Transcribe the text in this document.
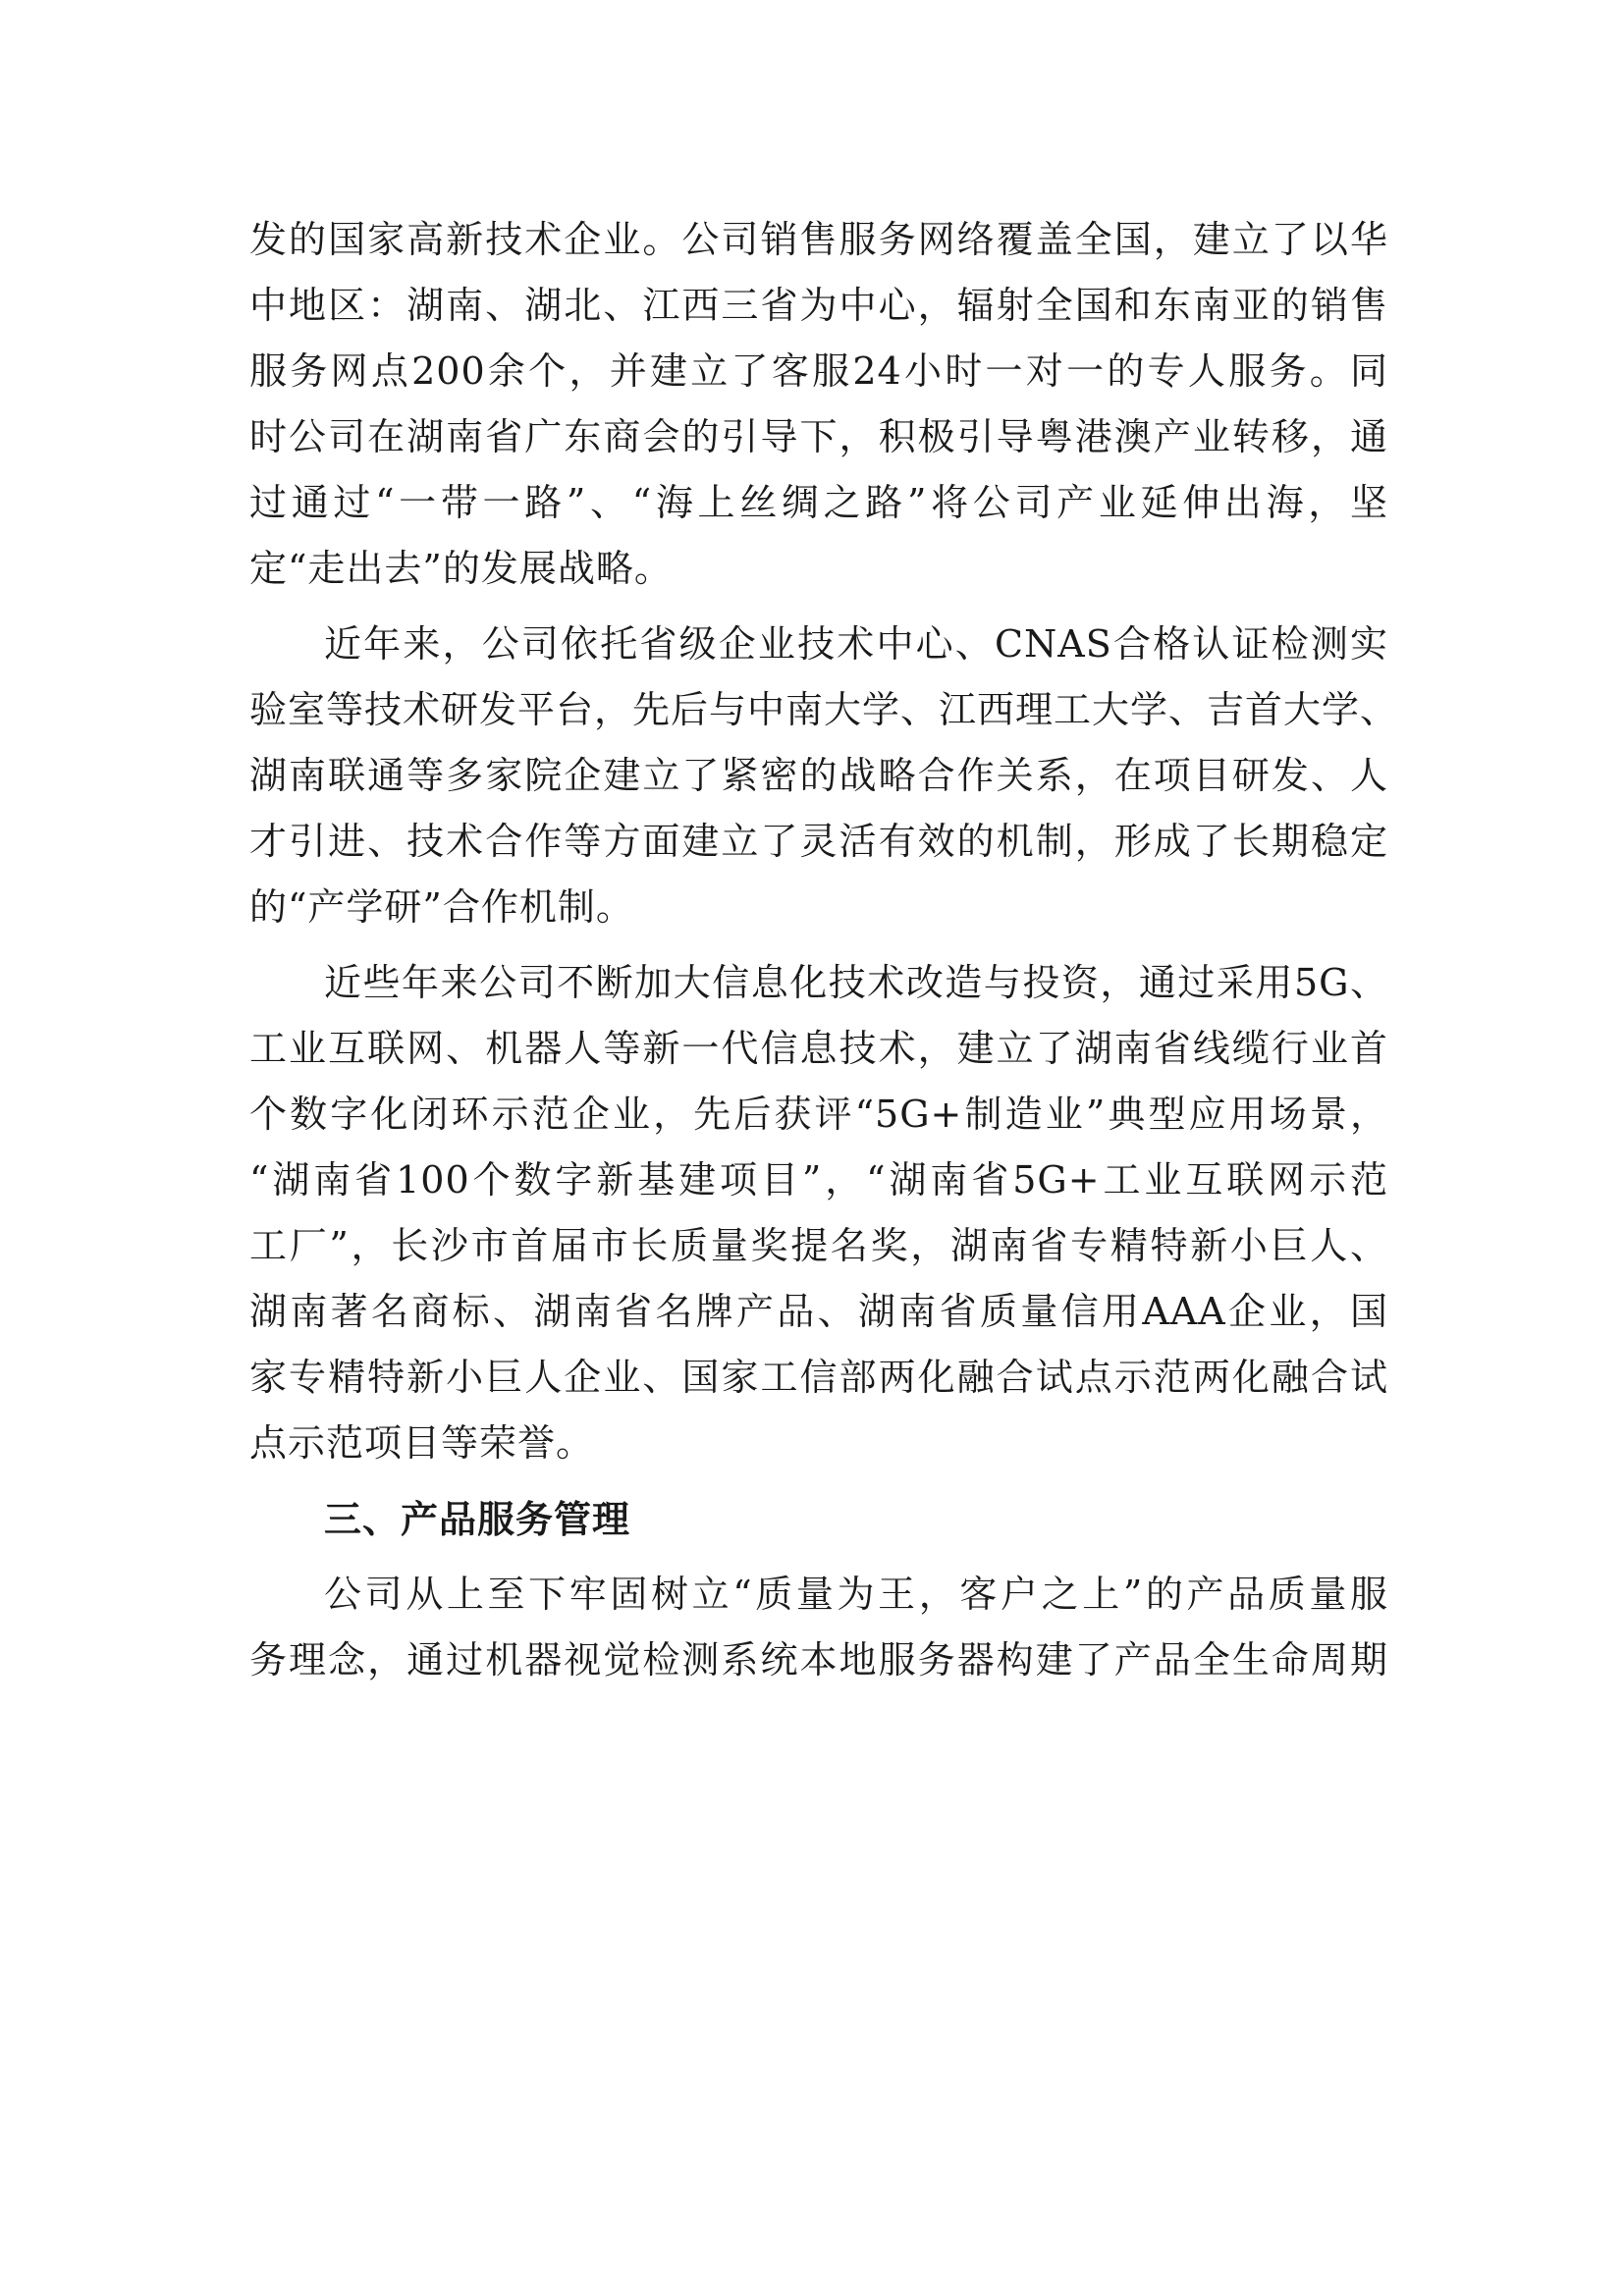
发的国家高新技术企业。公司销售服务网络覆盖全国，建立了以华
中地区：湖南、湖北、江西三省为中心，辐射全国和东南亚的销售
服务网点200余个，并建立了客服24小时一对一的专人服务。同
时公司在湖南省广东商会的引导下，积极引导粤港澳产业转移，通
过通过“一带一路”、“海上丝绸之路”将公司产业延伸出海，坚
定“走出去”的发展战略。
近年来，公司依托省级企业技术中心、CNAS合格认证检测实
验室等技术研发平台，先后与中南大学、江西理工大学、吉首大学、
湖南联通等多家院企建立了紧密的战略合作关系，在项目研发、人
才引进、技术合作等方面建立了灵活有效的机制，形成了长期稳定
的“产学研”合作机制。
近些年来公司不断加大信息化技术改造与投资，通过采用5G、
工业互联网、机器人等新一代信息技术，建立了湖南省线缆行业首
个数字化闭环示范企业，先后获评“5G+制造业”典型应用场景，
“湖南省100个数字新基建项目”，“湖南省5G+工业互联网示范
工厂”，长沙市首届市长质量奖提名奖，湖南省专精特新小巨人、
湖南著名商标、湖南省名牌产品、湖南省质量信用AAA企业，国
家专精特新小巨人企业、国家工信部两化融合试点示范两化融合试
点示范项目等荣誉。
三、产品服务管理
公司从上至下牢固树立“质量为王，客户之上”的产品质量服
务理念，通过机器视觉检测系统本地服务器构建了产品全生命周期
